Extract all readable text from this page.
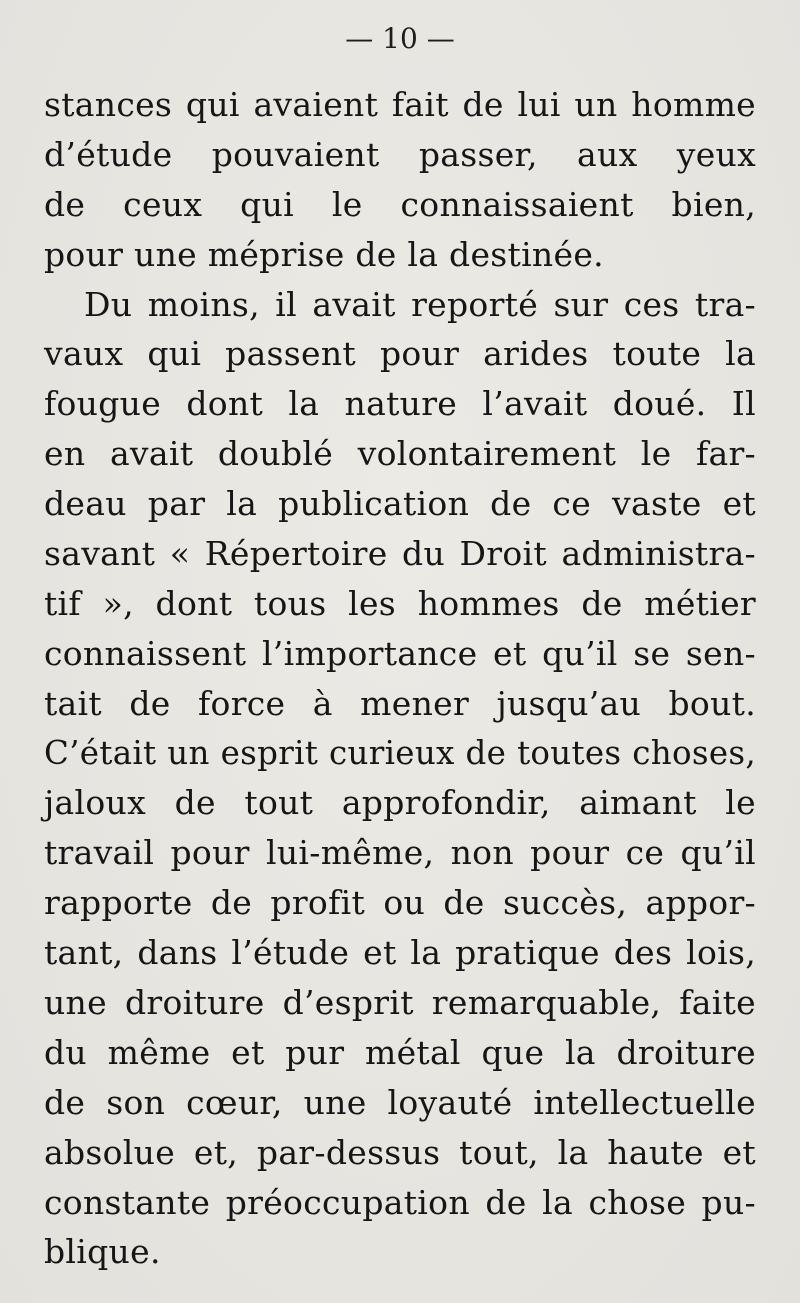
— 10 —
stances qui avaient fait de lui un homme
d’étude pouvaient passer, aux yeux
de ceux qui le connaissaient bien,
pour une méprise de la destinée.
Du moins, il avait reporté sur ces tra-
vaux qui passent pour arides toute la
fougue dont la nature l’avait doué. Il
en avait doublé volontairement le far-
deau par la publication de ce vaste et
savant « Répertoire du Droit administra-
tif », dont tous les hommes de métier
connaissent l’importance et qu’il se sen-
tait de force à mener jusqu’au bout.
C’était un esprit curieux de toutes choses,
jaloux de tout approfondir, aimant le
travail pour lui-même, non pour ce qu’il
rapporte de profit ou de succès, appor-
tant, dans l’étude et la pratique des lois,
une droiture d’esprit remarquable, faite
du même et pur métal que la droiture
de son cœur, une loyauté intellectuelle
absolue et, par-dessus tout, la haute et
constante préoccupation de la chose pu-
blique.
